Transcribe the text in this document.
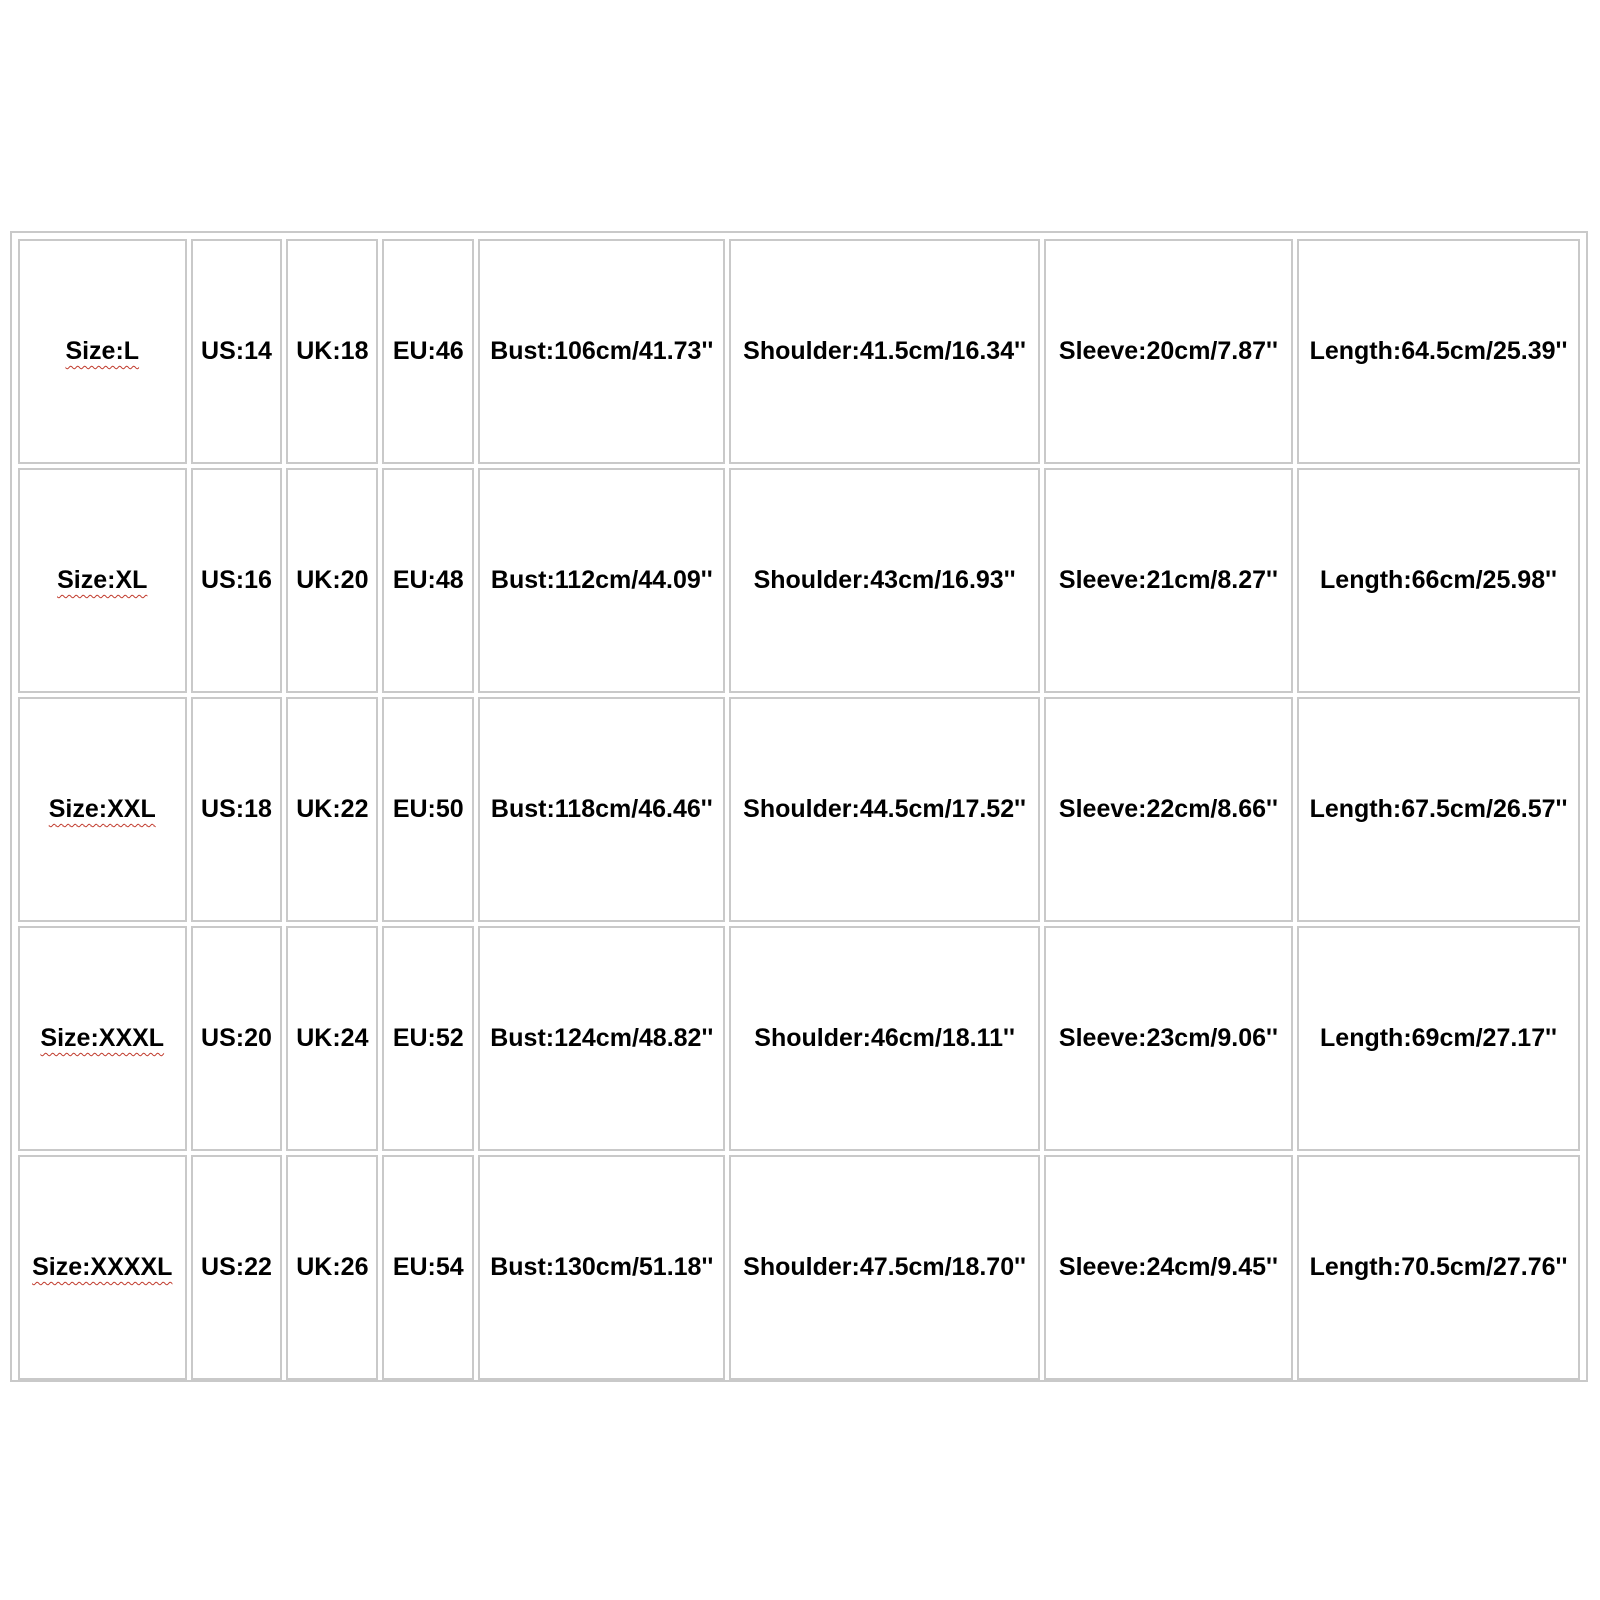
Size:L	US:14	UK:18	EU:46	Bust:106cm/41.73''	Shoulder:41.5cm/16.34''	Sleeve:20cm/7.87''	Length:64.5cm/25.39''
Size:XL	US:16	UK:20	EU:48	Bust:112cm/44.09''	Shoulder:43cm/16.93''	Sleeve:21cm/8.27''	Length:66cm/25.98''
Size:XXL	US:18	UK:22	EU:50	Bust:118cm/46.46''	Shoulder:44.5cm/17.52''	Sleeve:22cm/8.66''	Length:67.5cm/26.57''
Size:XXXL	US:20	UK:24	EU:52	Bust:124cm/48.82''	Shoulder:46cm/18.11''	Sleeve:23cm/9.06''	Length:69cm/27.17''
Size:XXXXL	US:22	UK:26	EU:54	Bust:130cm/51.18''	Shoulder:47.5cm/18.70''	Sleeve:24cm/9.45''	Length:70.5cm/27.76''
